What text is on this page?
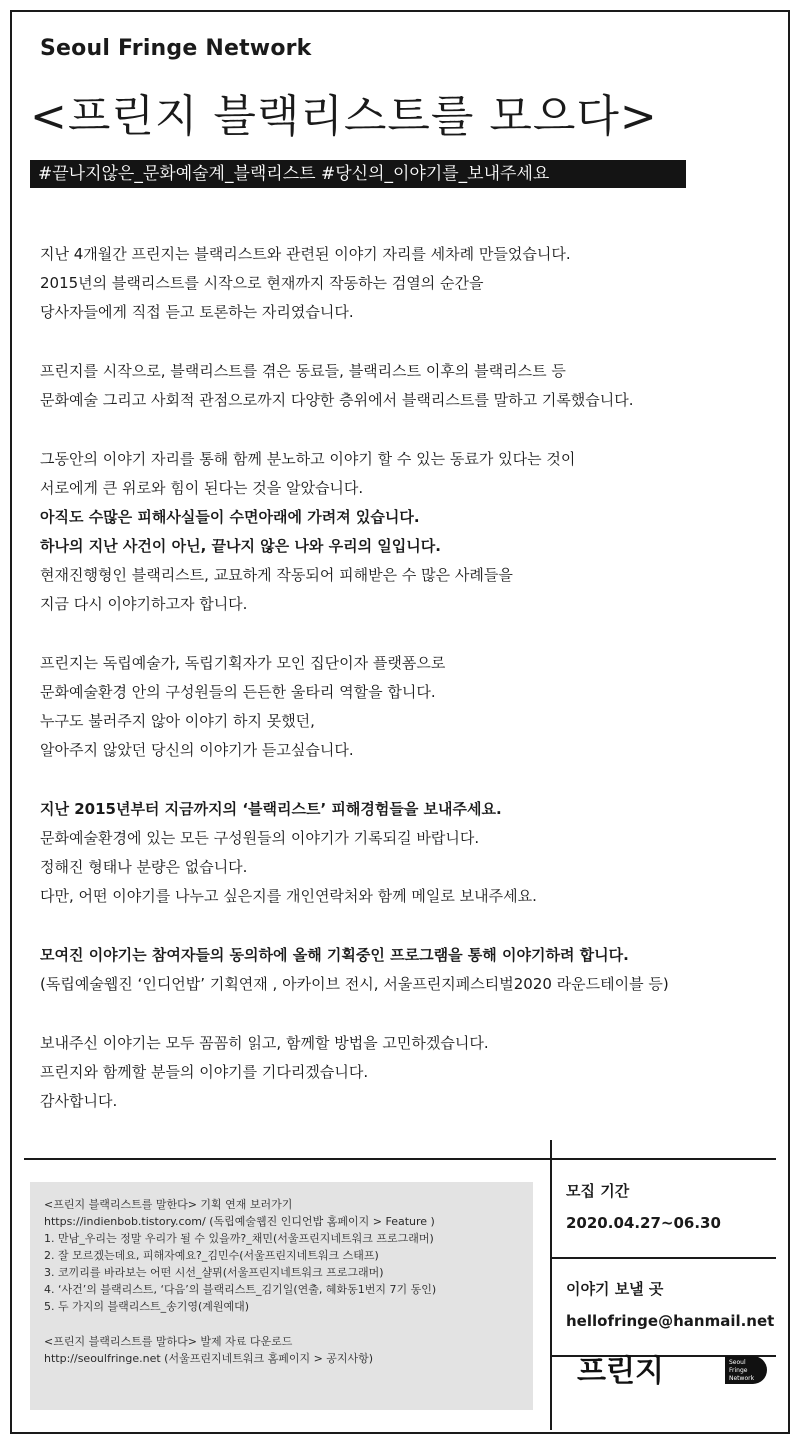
Seoul Fringe Network
<프린지 블랙리스트를 모으다>
#끝나지않은_문화예술계_블랙리스트 #당신의_이야기를_보내주세요
지난 4개월간 프린지는 블랙리스트와 관련된 이야기 자리를 세차례 만들었습니다.
2015년의 블랙리스트를 시작으로 현재까지 작동하는 검열의 순간을
당사자들에게 직접 듣고 토론하는 자리였습니다.
프린지를 시작으로, 블랙리스트를 겪은 동료들, 블랙리스트 이후의 블랙리스트 등
문화예술 그리고 사회적 관점으로까지 다양한 층위에서 블랙리스트를 말하고 기록했습니다.
그동안의 이야기 자리를 통해 함께 분노하고 이야기 할 수 있는 동료가 있다는 것이
서로에게 큰 위로와 힘이 된다는 것을 알았습니다.
아직도 수많은 피해사실들이 수면아래에 가려져 있습니다.
하나의 지난 사건이 아닌, 끝나지 않은 나와 우리의 일입니다.
현재진행형인 블랙리스트, 교묘하게 작동되어 피해받은 수 많은 사례들을
지금 다시 이야기하고자 합니다.
프린지는 독립예술가, 독립기획자가 모인 집단이자 플랫폼으로
문화예술환경 안의 구성원들의 든든한 울타리 역할을 합니다.
누구도 불러주지 않아 이야기 하지 못했던,
알아주지 않았던 당신의 이야기가 듣고싶습니다.
지난 2015년부터 지금까지의 ‘블랙리스트’ 피해경험들을 보내주세요.
문화예술환경에 있는 모든 구성원들의 이야기가 기록되길 바랍니다.
정해진 형태나 분량은 없습니다.
다만, 어떤 이야기를 나누고 싶은지를 개인연락처와 함께 메일로 보내주세요.
모여진 이야기는 참여자들의 동의하에 올해 기획중인 프로그램을 통해 이야기하려 합니다.
(독립예술웹진 ‘인디언밥’ 기획연재 , 아카이브 전시, 서울프린지페스티벌2020 라운드테이블 등)
보내주신 이야기는 모두 꼼꼼히 읽고, 함께할 방법을 고민하겠습니다.
프린지와 함께할 분들의 이야기를 기다리겠습니다.
감사합니다.
<프린지 블랙리스트를 말한다> 기획 연재 보러가기
https://indienbob.tistory.com/ (독립예술웹진 인디언밥 홈페이지 > Feature )
1. 만남_우리는 정말 우리가 될 수 있을까?_채민(서울프린지네트워크 프로그래머)
2. 잘 모르겠는데요, 피해자예요?_김민수(서울프린지네트워크 스태프)
3. 코끼리를 바라보는 어떤 시선_샬뮈(서울프린지네트워크 프로그래머)
4. ‘사건’의 블랙리스트, ‘다음’의 블랙리스트_김기일(연출, 혜화동1번지 7기 동인)
5. 두 가지의 블랙리스트_송기영(계원예대)
<프린지 블랙리스트를 말하다> 발제 자료 다운로드
http://seoulfringe.net (서울프린지네트워크 홈페이지 > 공지사항)
모집 기간
2020.04.27~06.30
이야기 보낼 곳
hellofringe@hanmail.net
프린지	Seoul
Fringe
Network
